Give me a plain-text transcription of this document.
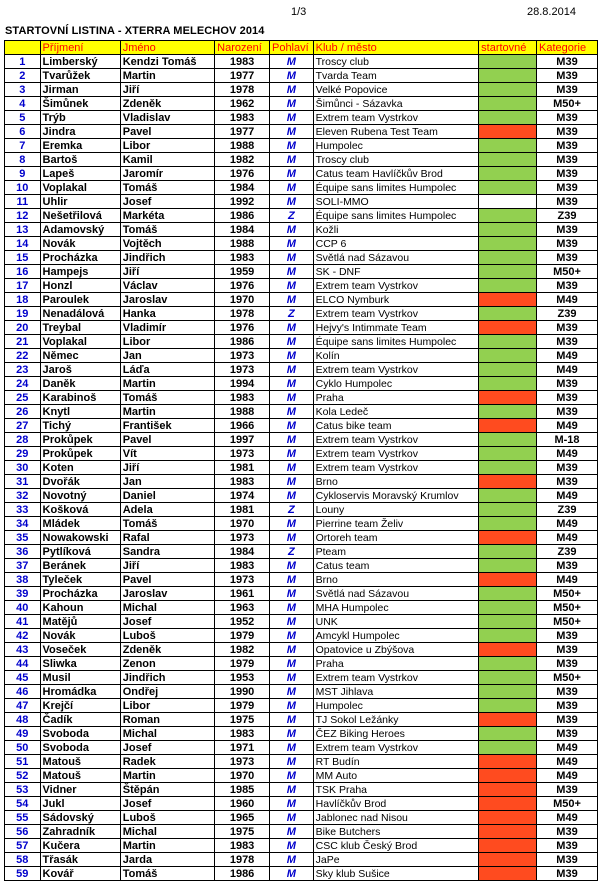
1/3	28.8.2014
STARTOVNÍ LISTINA - XTERRA MELECHOV 2014
	Příjmení	Jméno	Narození	Pohlaví	Klub / město	startovné	Kategorie
1	Limberský	Kendzi Tomáš	1983	M	Troscy club		M39
2	Tvarůžek	Martin	1977	M	Tvarda Team		M39
3	Jirman	Jiří	1978	M	Velké Popovice		M39
4	Šimůnek	Zdeněk	1962	M	Šimůnci - Sázavka		M50+
5	Trýb	Vladislav	1983	M	Extrem team Vystrkov		M39
6	Jindra	Pavel	1977	M	Eleven Rubena Test Team		M39
7	Eremka	Libor	1988	M	Humpolec		M39
8	Bartoš	Kamil	1982	M	Troscy club		M39
9	Lapeš	Jaromír	1976	M	Catus team Havlíčkův Brod		M39
10	Voplakal	Tomáš	1984	M	Équipe sans limites Humpolec		M39
11	Uhlir	Josef	1992	M	SOLI-MMO		M39
12	Nešetřilová	Markéta	1986	Z	Équipe sans limites Humpolec		Z39
13	Adamovský	Tomáš	1984	M	Kožli		M39
14	Novák	Vojtěch	1988	M	CCP 6		M39
15	Procházka	Jindřich	1983	M	Světlá nad Sázavou		M39
16	Hampejs	Jiří	1959	M	SK - DNF		M50+
17	Honzl	Václav	1976	M	Extrem team Vystrkov		M39
18	Paroulek	Jaroslav	1970	M	ELCO Nymburk		M49
19	Nenadálová	Hanka	1978	Z	Extrem team Vystrkov		Z39
20	Treybal	Vladimír	1976	M	Hejvy's Intimmate Team		M39
21	Voplakal	Libor	1986	M	Équipe sans limites Humpolec		M39
22	Němec	Jan	1973	M	Kolín		M49
23	Jaroš	Láďa	1973	M	Extrem team Vystrkov		M49
24	Daněk	Martin	1994	M	Cyklo Humpolec		M39
25	Karabinoš	Tomáš	1983	M	Praha		M39
26	Knytl	Martin	1988	M	Kola Ledeč		M39
27	Tichý	František	1966	M	Catus bike team		M49
28	Prokůpek	Pavel	1997	M	Extrem team Vystrkov		M-18
29	Prokůpek	Vít	1973	M	Extrem team Vystrkov		M49
30	Koten	Jiří	1981	M	Extrem team Vystrkov		M39
31	Dvořák	Jan	1983	M	Brno		M39
32	Novotný	Daniel	1974	M	Cykloservis Moravský Krumlov		M49
33	Košková	Adela	1981	Z	Louny		Z39
34	Mládek	Tomáš	1970	M	Pierrine team Želiv		M49
35	Nowakowski	Rafal	1973	M	Ortoreh team		M49
36	Pytlíková	Sandra	1984	Z	Pteam		Z39
37	Beránek	Jiří	1983	M	Catus team		M39
38	Tyleček	Pavel	1973	M	Brno		M49
39	Procházka	Jaroslav	1961	M	Světlá nad Sázavou		M50+
40	Kahoun	Michal	1963	M	MHA Humpolec		M50+
41	Matějů	Josef	1952	M	UNK		M50+
42	Novák	Luboš	1979	M	Amcykl Humpolec		M39
43	Voseček	Zdeněk	1982	M	Opatovice u Zbýšova		M39
44	Sliwka	Zenon	1979	M	Praha		M39
45	Musil	Jindřich	1953	M	Extrem team Vystrkov		M50+
46	Hromádka	Ondřej	1990	M	MST Jihlava		M39
47	Krejčí	Libor	1979	M	Humpolec		M39
48	Čadík	Roman	1975	M	TJ Sokol Ležánky		M39
49	Svoboda	Michal	1983	M	ČEZ Biking Heroes		M39
50	Svoboda	Josef	1971	M	Extrem team Vystrkov		M49
51	Matouš	Radek	1973	M	RT Budín		M49
52	Matouš	Martin	1970	M	MM Auto		M49
53	Vidner	Štěpán	1985	M	TSK Praha		M39
54	Jukl	Josef	1960	M	Havlíčkův Brod		M50+
55	Sádovský	Luboš	1965	M	Jablonec nad Nisou		M49
56	Zahradník	Michal	1975	M	Bike Butchers		M39
57	Kučera	Martin	1983	M	CSC klub Český Brod		M39
58	Třasák	Jarda	1978	M	JaPe		M39
59	Kovář	Tomáš	1986	M	Sky klub Sušice		M39
